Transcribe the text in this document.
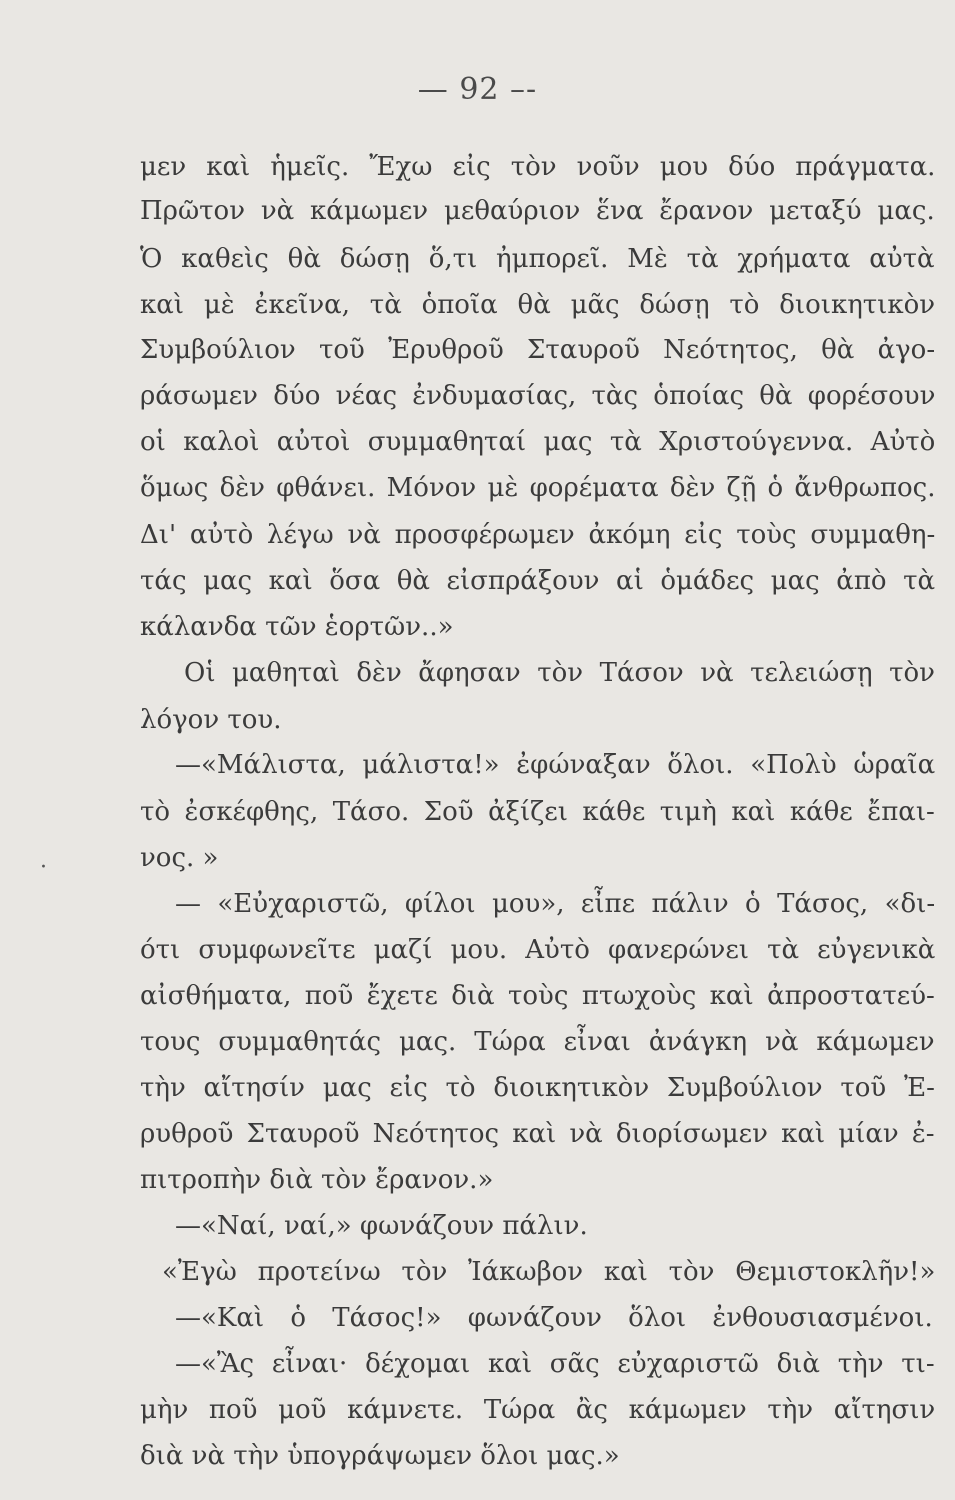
— 92 –-
μεν καὶ ἡμεῖς. Ἔχω εἰς τὸν νοῦν μου δύο πράγματα.
Πρῶτον νὰ κάμωμεν μεθαύριον ἕνα ἔρανον μεταξύ μας.
Ὁ καθεὶς θὰ δώσῃ ὅ,τι ἠμπορεῖ. Μὲ τὰ χρήματα αὐτὰ
καὶ μὲ ἐκεῖνα, τὰ ὁποῖα θὰ μᾶς δώσῃ τὸ διοικητικὸν
Συμβούλιον τοῦ Ἐρυθροῦ Σταυροῦ Νεότητος, θὰ ἀγο-
ράσωμεν δύο νέας ἐνδυμασίας, τὰς ὁποίας θὰ φορέσουν
οἱ καλοὶ αὐτοὶ συμμαθηταί μας τὰ Χριστούγεννα. Αὐτὸ
ὅμως δὲν φθάνει. Μόνον μὲ φορέματα δὲν ζῇ ὁ ἄνθρωπος.
Δι' αὐτὸ λέγω νὰ προσφέρωμεν ἀκόμη εἰς τοὺς συμμαθη-
τάς μας καὶ ὅσα θὰ εἰσπράξουν αἱ ὁμάδες μας ἀπὸ τὰ
κάλανδα τῶν ἑορτῶν..»
Οἱ μαθηταὶ δὲν ἄφησαν τὸν Τάσον νὰ τελειώσῃ τὸν
λόγον του.
—«Μάλιστα, μάλιστα!» ἐφώναξαν ὅλοι. «Πολὺ ὡραῖα
τὸ ἐσκέφθης, Τάσο. Σοῦ ἀξίζει κάθε τιμὴ καὶ κάθε ἔπαι-
νος. »
— «Εὐχαριστῶ, φίλοι μου», εἶπε πάλιν ὁ Τάσος, «δι-
ότι συμφωνεῖτε μαζί μου. Αὐτὸ φανερώνει τὰ εὐγενικὰ
αἰσθήματα, ποῦ ἔχετε διὰ τοὺς πτωχοὺς καὶ ἀπροστατεύ-
τους συμμαθητάς μας. Τώρα εἶναι ἀνάγκη νὰ κάμωμεν
τὴν αἴτησίν μας εἰς τὸ διοικητικὸν Συμβούλιον τοῦ Ἐ-
ρυθροῦ Σταυροῦ Νεότητος καὶ νὰ διορίσωμεν καὶ μίαν ἐ-
πιτροπὴν διὰ τὸν ἔρανον.»
—«Ναί, ναί,» φωνάζουν πάλιν.
«Ἐγὼ προτείνω τὸν Ἰάκωβον καὶ τὸν Θεμιστοκλῆν!»
—«Καὶ ὁ Τάσος!» φωνάζουν ὅλοι ἐνθουσιασμένοι.
—«Ἂς εἶναι· δέχομαι καὶ σᾶς εὐχαριστῶ διὰ τὴν τι-
μὴν ποῦ μοῦ κάμνετε. Τώρα ἂς κάμωμεν τὴν αἴτησιν
διὰ νὰ τὴν ὑπογράψωμεν ὅλοι μας.»
·
